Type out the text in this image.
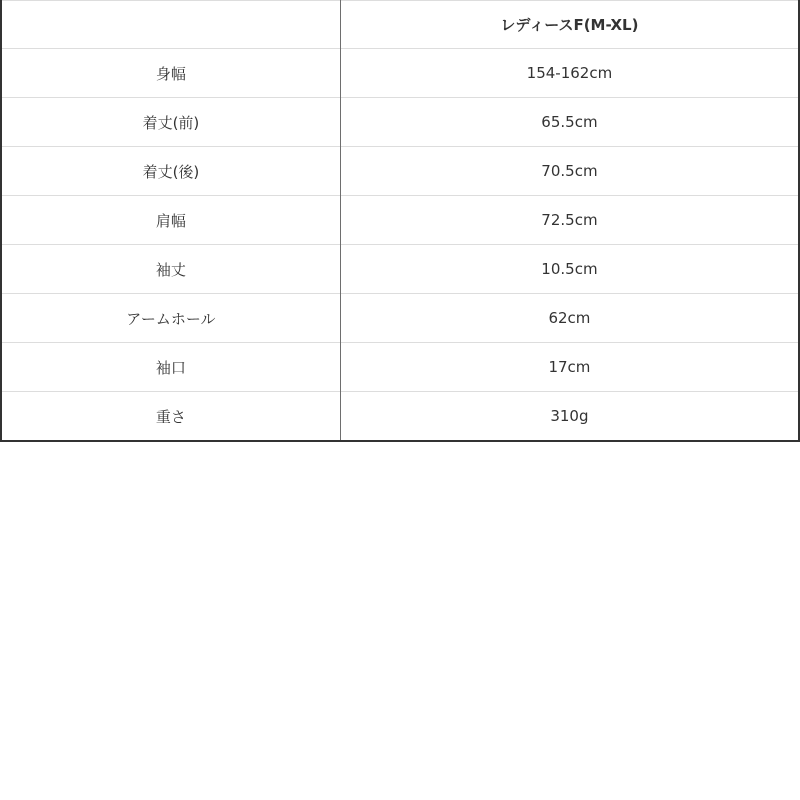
	レディースF(M-XL)
身幅	154-162cm
着丈(前)	65.5cm
着丈(後)	70.5cm
肩幅	72.5cm
袖丈	10.5cm
アームホール	62cm
袖口	17cm
重さ	310g
